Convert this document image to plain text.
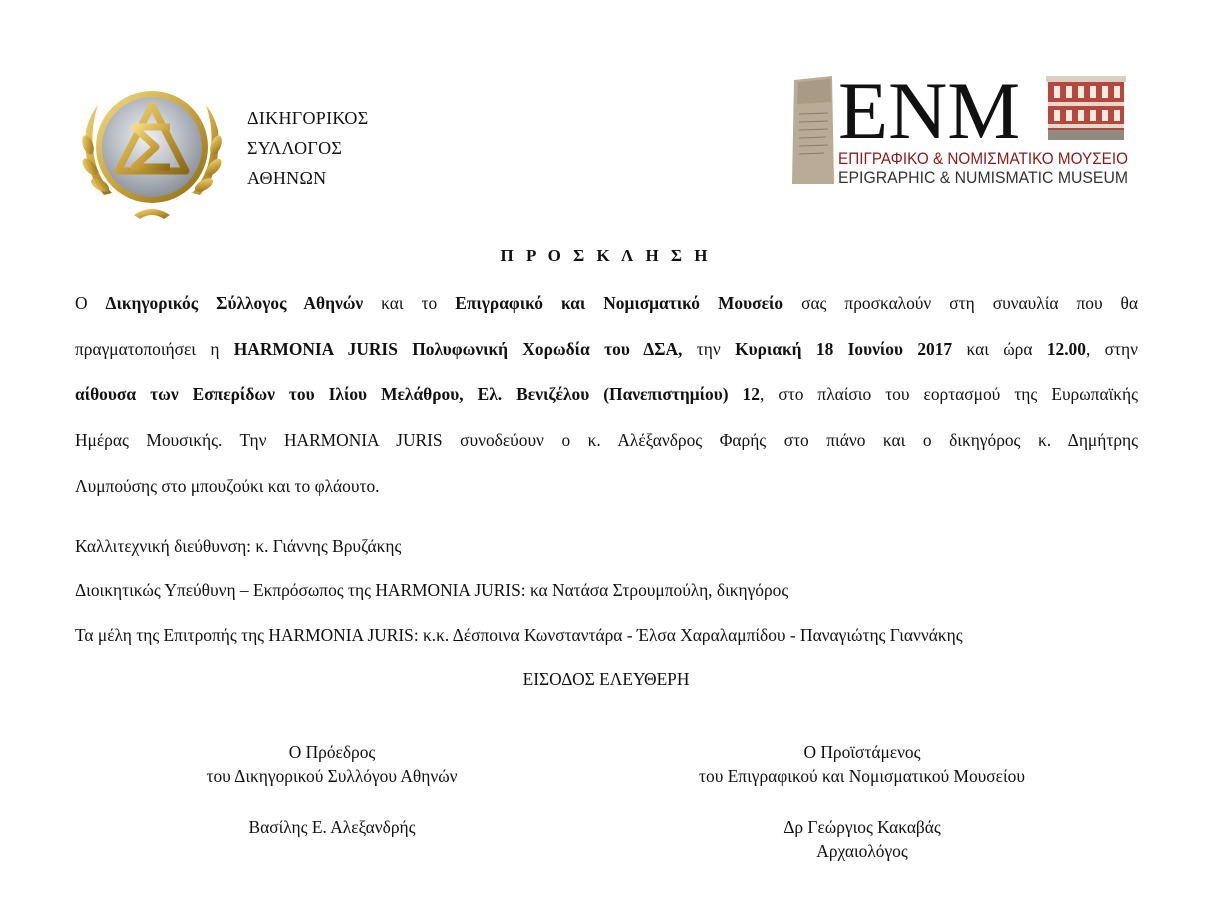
ΔΙΚΗΓΟΡΙΚΟΣ
ΣΥΛΛΟΓΟΣ
ΑΘΗΝΩΝ
ENM
ΕΠΙΓΡΑΦΙΚΟ & ΝΟΜΙΣΜΑΤΙΚΟ ΜΟΥΣΕΙΟ
EPIGRAPHIC & NUMISMATIC MUSEUM
Π Ρ Ο Σ Κ Λ Η Σ Η
Ο Δικηγορικός Σύλλογος Αθηνών και το Επιγραφικό και Νομισματικό Μουσείο σας προσκαλούν στη συναυλία που θα
πραγματοποιήσει η HARMONIA JURIS Πολυφωνική Χορωδία του ΔΣΑ, την Κυριακή 18 Ιουνίου 2017 και ώρα 12.00, στην
αίθουσα των Εσπερίδων του Ιλίου Μελάθρου, Ελ. Βενιζέλου (Πανεπιστημίου) 12, στο πλαίσιο του εορτασμού της Ευρωπαϊκής
Ημέρας Μουσικής. Την HARMONIA JURIS συνοδεύουν ο κ. Αλέξανδρος Φαρής στο πιάνο και ο δικηγόρος κ. Δημήτρης
Λυμπούσης στο μπουζούκι και το φλάουτο.
Καλλιτεχνική διεύθυνση: κ. Γιάννης Βρυζάκης
Διοικητικώς Υπεύθυνη – Εκπρόσωπος της HARMONIA JURIS: κα Νατάσα Στρουμπούλη, δικηγόρος
Τα μέλη της Επιτροπής της HARMONIA JURIS: κ.κ. Δέσποινα Κωνσταντάρα - Έλσα Χαραλαμπίδου - Παναγιώτης Γιαννάκης
ΕΙΣΟΔΟΣ ΕΛΕΥΘΕΡΗ
Ο Πρόεδρος
του Δικηγορικού Συλλόγου Αθηνών
Βασίλης Ε. Αλεξανδρής
Ο Προϊστάμενος
του Επιγραφικού και Νομισματικού Μουσείου
Δρ Γεώργιος Κακαβάς
Αρχαιολόγος
